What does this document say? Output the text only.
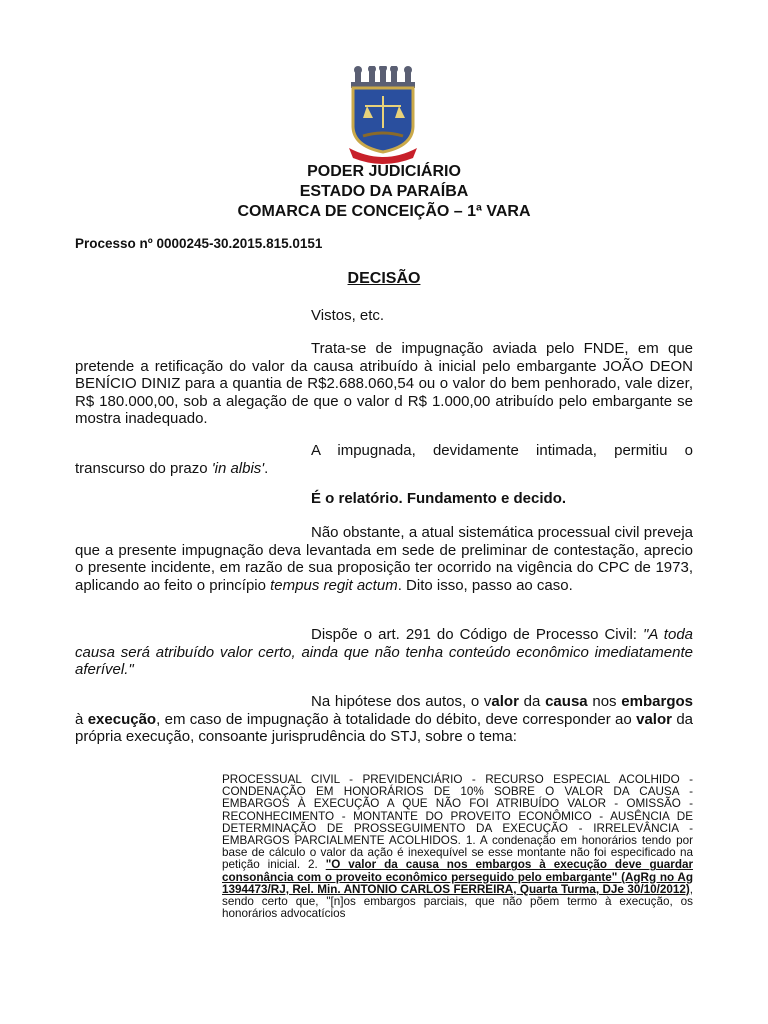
PODER JUDICIÁRIO
ESTADO DA PARAÍBA
COMARCA DE CONCEIÇÃO – 1ª VARA
Processo nº 0000245-30.2015.815.0151
DECISÃO
Vistos, etc.
Trata-se de impugnação aviada pelo FNDE, em que pretende a retificação do valor da causa atribuído à inicial pelo embargante JOÃO DEON BENÍCIO DINIZ para a quantia de R$2.688.060,54 ou o valor do bem penhorado, vale dizer, R$ 180.000,00, sob a alegação de que o valor d R$ 1.000,00 atribuído pelo embargante se mostra inadequado.
A impugnada, devidamente intimada, permitiu o transcurso do prazo 'in albis'.
É o relatório. Fundamento e decido.
Não obstante, a atual sistemática processual civil preveja que a presente impugnação deva levantada em sede de preliminar de contestação, aprecio o presente incidente, em razão de sua proposição ter ocorrido na vigência do CPC de 1973, aplicando ao feito o princípio tempus regit actum. Dito isso, passo ao caso.
Dispõe o art. 291 do Código de Processo Civil: "A toda causa será atribuído valor certo, ainda que não tenha conteúdo econômico imediatamente aferível."
Na hipótese dos autos, o valor da causa nos embargos à execução, em caso de impugnação à totalidade do débito, deve corresponder ao valor da própria execução, consoante jurisprudência do STJ, sobre o tema:
PROCESSUAL CIVIL - PREVIDENCIÁRIO - RECURSO ESPECIAL ACOLHIDO - CONDENAÇÃO EM HONORÁRIOS DE 10% SOBRE O VALOR DA CAUSA - EMBARGOS À EXECUÇÃO A QUE NÃO FOI ATRIBUÍDO VALOR - OMISSÃO - RECONHECIMENTO - MONTANTE DO PROVEITO ECONÔMICO - AUSÊNCIA DE DETERMINAÇÃO DE PROSSEGUIMENTO DA EXECUÇÃO - IRRELEVÂNCIA - EMBARGOS PARCIALMENTE ACOLHIDOS. 1. A condenação em honorários tendo por base de cálculo o valor da ação é inexequível se esse montante não foi especificado na petição inicial. 2. "O valor da causa nos embargos à execução deve guardar consonância com o proveito econômico perseguido pelo embargante" (AgRg no Ag 1394473/RJ, Rel. Min. ANTONIO CARLOS FERREIRA, Quarta Turma, DJe 30/10/2012), sendo certo que, "[n]os embargos parciais, que não põem termo à execução, os honorários advocatícios
